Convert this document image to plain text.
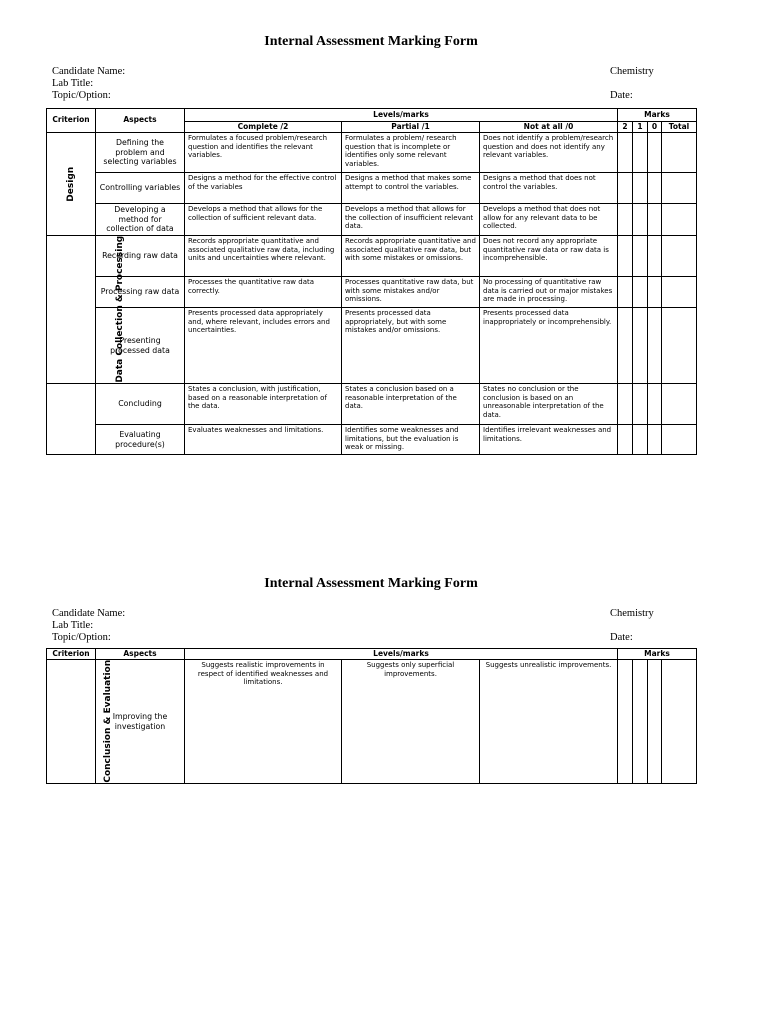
Internal Assessment Marking Form

Candidate Name:
Lab Title:
Topic/Option:
Chemistry
Date:
Criterion	Aspects	Levels/marks			Marks			
		Complete /2	Partial /1	Not at all /0	2	1	0	Total
Design	Defining the problem and selecting variables	Formulates a focused problem/research question and identifies the relevant variables.	Formulates a problem/ research question that is incomplete or identifies only some relevant variables.	Does not identify a problem/research question and does not identify any relevant variables.				
	Controlling variables	Designs a method for the effective control of the variables	Designs a method that makes some attempt to control the variables.	Designs a method that does not control the variables.				
	Developing a method for collection of data	Develops a method that allows for the collection of sufficient relevant data.	Develops a method that allows for the collection of insufficient relevant data.	Develops a method that does not allow for any relevant data to be collected.				
Data Collection & Processing	Recording raw data	Records appropriate quantitative and associated qualitative raw data, including units and uncertainties where relevant.	Records appropriate quantitative and associated qualitative raw data, but with some mistakes or omissions.	Does not record any appropriate quantitative raw data or raw data is incomprehensible.				
	Processing raw data	Processes the quantitative raw data correctly.	Processes quantitative raw data, but with some mistakes and/or omissions.	No processing of quantitative raw data is carried out or major mistakes are made in processing.				
	Presenting processed data	Presents processed data appropriately and, where relevant, includes errors and uncertainties.	Presents processed data appropriately, but with some mistakes and/or omissions.	Presents processed data inappropriately or incomprehensibly.				
	Concluding	States a conclusion, with justification, based on a reasonable interpretation of the data.	States a conclusion based on a reasonable interpretation of the data.	States no conclusion or the conclusion is based on an unreasonable interpretation of the data.				
	Evaluating procedure(s)	Evaluates weaknesses and limitations.	Identifies some weaknesses and limitations, but the evaluation is weak or missing.	Identifies irrelevant weaknesses and limitations.				

Internal Assessment Marking Form

Candidate Name:
Lab Title:
Topic/Option:
Chemistry
Date:
Criterion	Aspects	Levels/marks			Marks			
Conclusion & Evaluation	Improving the investigation	Suggests realistic improvements in respect of identified weaknesses and limitations.	Suggests only superficial improvements.	Suggests unrealistic improvements.				
